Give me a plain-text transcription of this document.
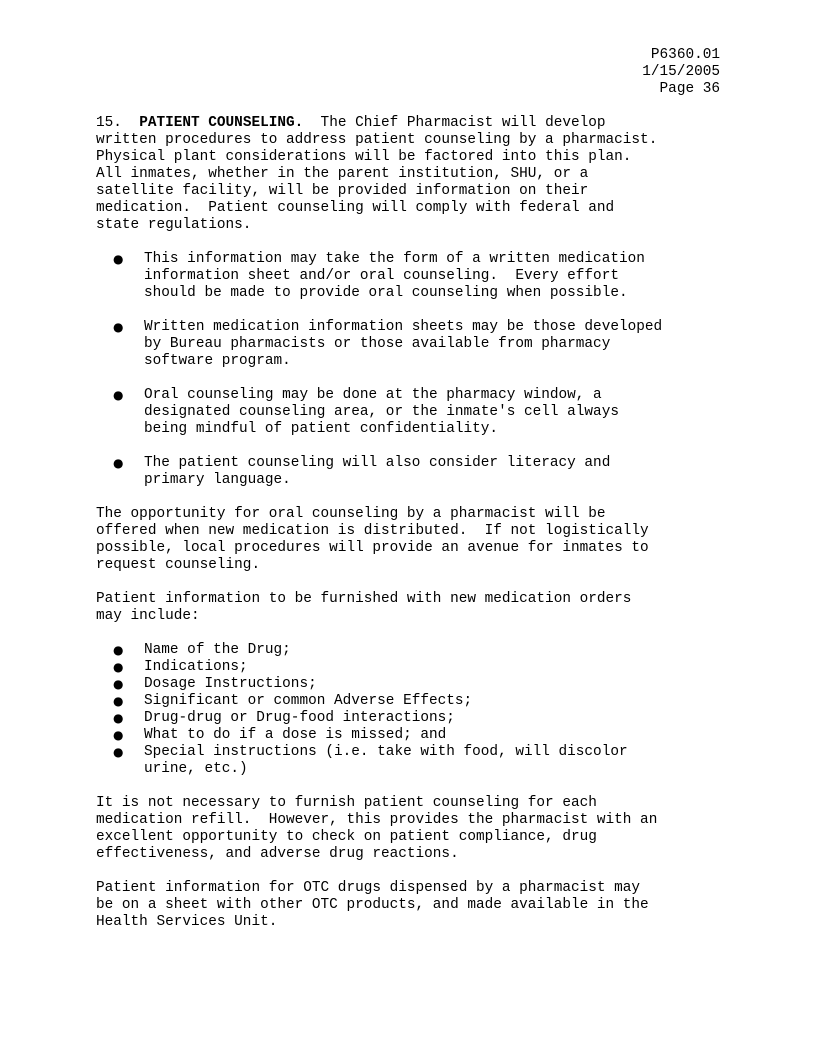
P6360.01
1/15/2005
Page 36

15.  PATIENT COUNSELING.  The Chief Pharmacist will develop
written procedures to address patient counseling by a pharmacist.
Physical plant considerations will be factored into this plan.
All inmates, whether in the parent institution, SHU, or a
satellite facility, will be provided information on their
medication.  Patient counseling will comply with federal and
state regulations.

● This information may take the form of a written medication
information sheet and/or oral counseling.  Every effort
should be made to provide oral counseling when possible.
● Written medication information sheets may be those developed
by Bureau pharmacists or those available from pharmacy
software program.
● Oral counseling may be done at the pharmacy window, a
designated counseling area, or the inmate's cell always
being mindful of patient confidentiality.
● The patient counseling will also consider literacy and
primary language.

The opportunity for oral counseling by a pharmacist will be
offered when new medication is distributed.  If not logistically
possible, local procedures will provide an avenue for inmates to
request counseling.

Patient information to be furnished with new medication orders
may include:

● Name of the Drug;
● Indications;
● Dosage Instructions;
● Significant or common Adverse Effects;
● Drug-drug or Drug-food interactions;
● What to do if a dose is missed; and
● Special instructions (i.e. take with food, will discolor
urine, etc.)

It is not necessary to furnish patient counseling for each
medication refill.  However, this provides the pharmacist with an
excellent opportunity to check on patient compliance, drug
effectiveness, and adverse drug reactions.

Patient information for OTC drugs dispensed by a pharmacist may
be on a sheet with other OTC products, and made available in the
Health Services Unit.
